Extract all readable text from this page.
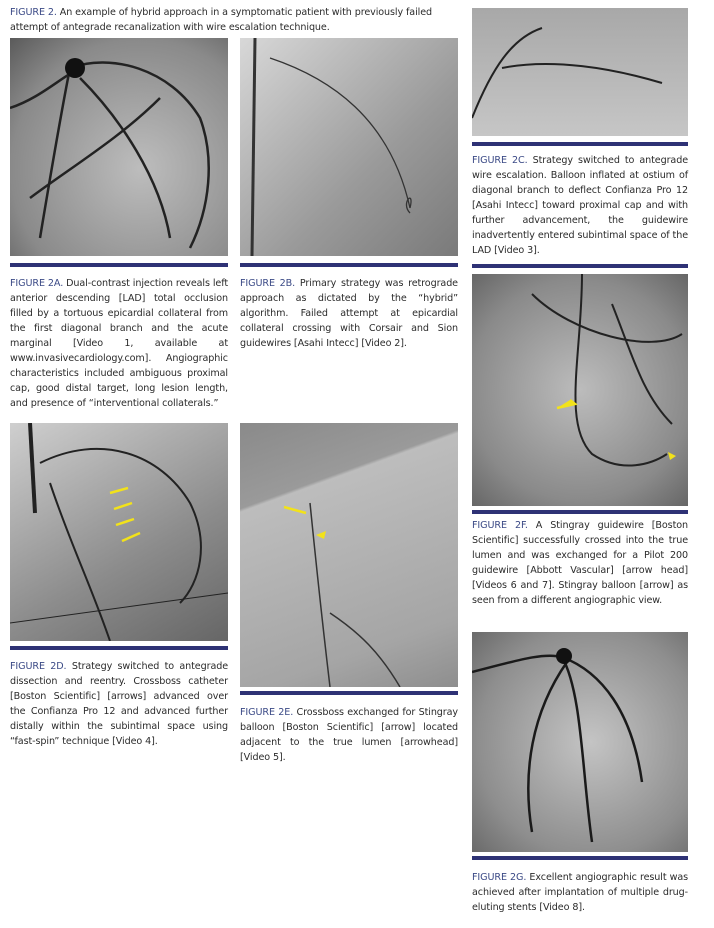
FIGURE 2. An example of hybrid approach in a symptomatic patient with previously failed attempt of antegrade recanalization with wire escalation technique.
FIGURE 2A. Dual-contrast injection reveals left anterior descending [LAD] total occlusion filled by a tortuous epicardial collateral from the first diagonal branch and the acute marginal [Video 1, available at www.invasivecardiology.com]. Angiographic characteristics included ambiguous proximal cap, good distal target, long lesion length, and presence of “interventional collaterals.”
FIGURE 2B. Primary strategy was retrograde approach as dictated by the “hybrid” algorithm. Failed attempt at epicardial collateral crossing with Corsair and Sion guidewires [Asahi Intecc] [Video 2].
FIGURE 2C. Strategy switched to antegrade wire escalation. Balloon inflated at ostium of diagonal branch to deflect Confianza Pro 12 [Asahi Intecc] toward proximal cap and with further advancement, the guidewire inadvertently entered subintimal space of the LAD [Video 3].
FIGURE 2F. A Stingray guidewire [Boston Scientific] successfully crossed into the true lumen and was exchanged for a Pilot 200 guidewire [Abbott Vascular] [arrow head] [Videos 6 and 7]. Stingray balloon [arrow] as seen from a different angiographic view.
FIGURE 2D. Strategy switched to antegrade dissection and reentry. Crossboss catheter [Boston Scientific] [arrows] advanced over the Confianza Pro 12 and advanced further distally within the subintimal space using “fast-spin” technique [Video 4].
FIGURE 2E. Crossboss exchanged for Stingray balloon [Boston Scientific] [arrow] located adjacent to the true lumen [arrowhead] [Video 5].
FIGURE 2G. Excellent angiographic result was achieved after implantation of multiple drug-eluting stents [Video 8].
